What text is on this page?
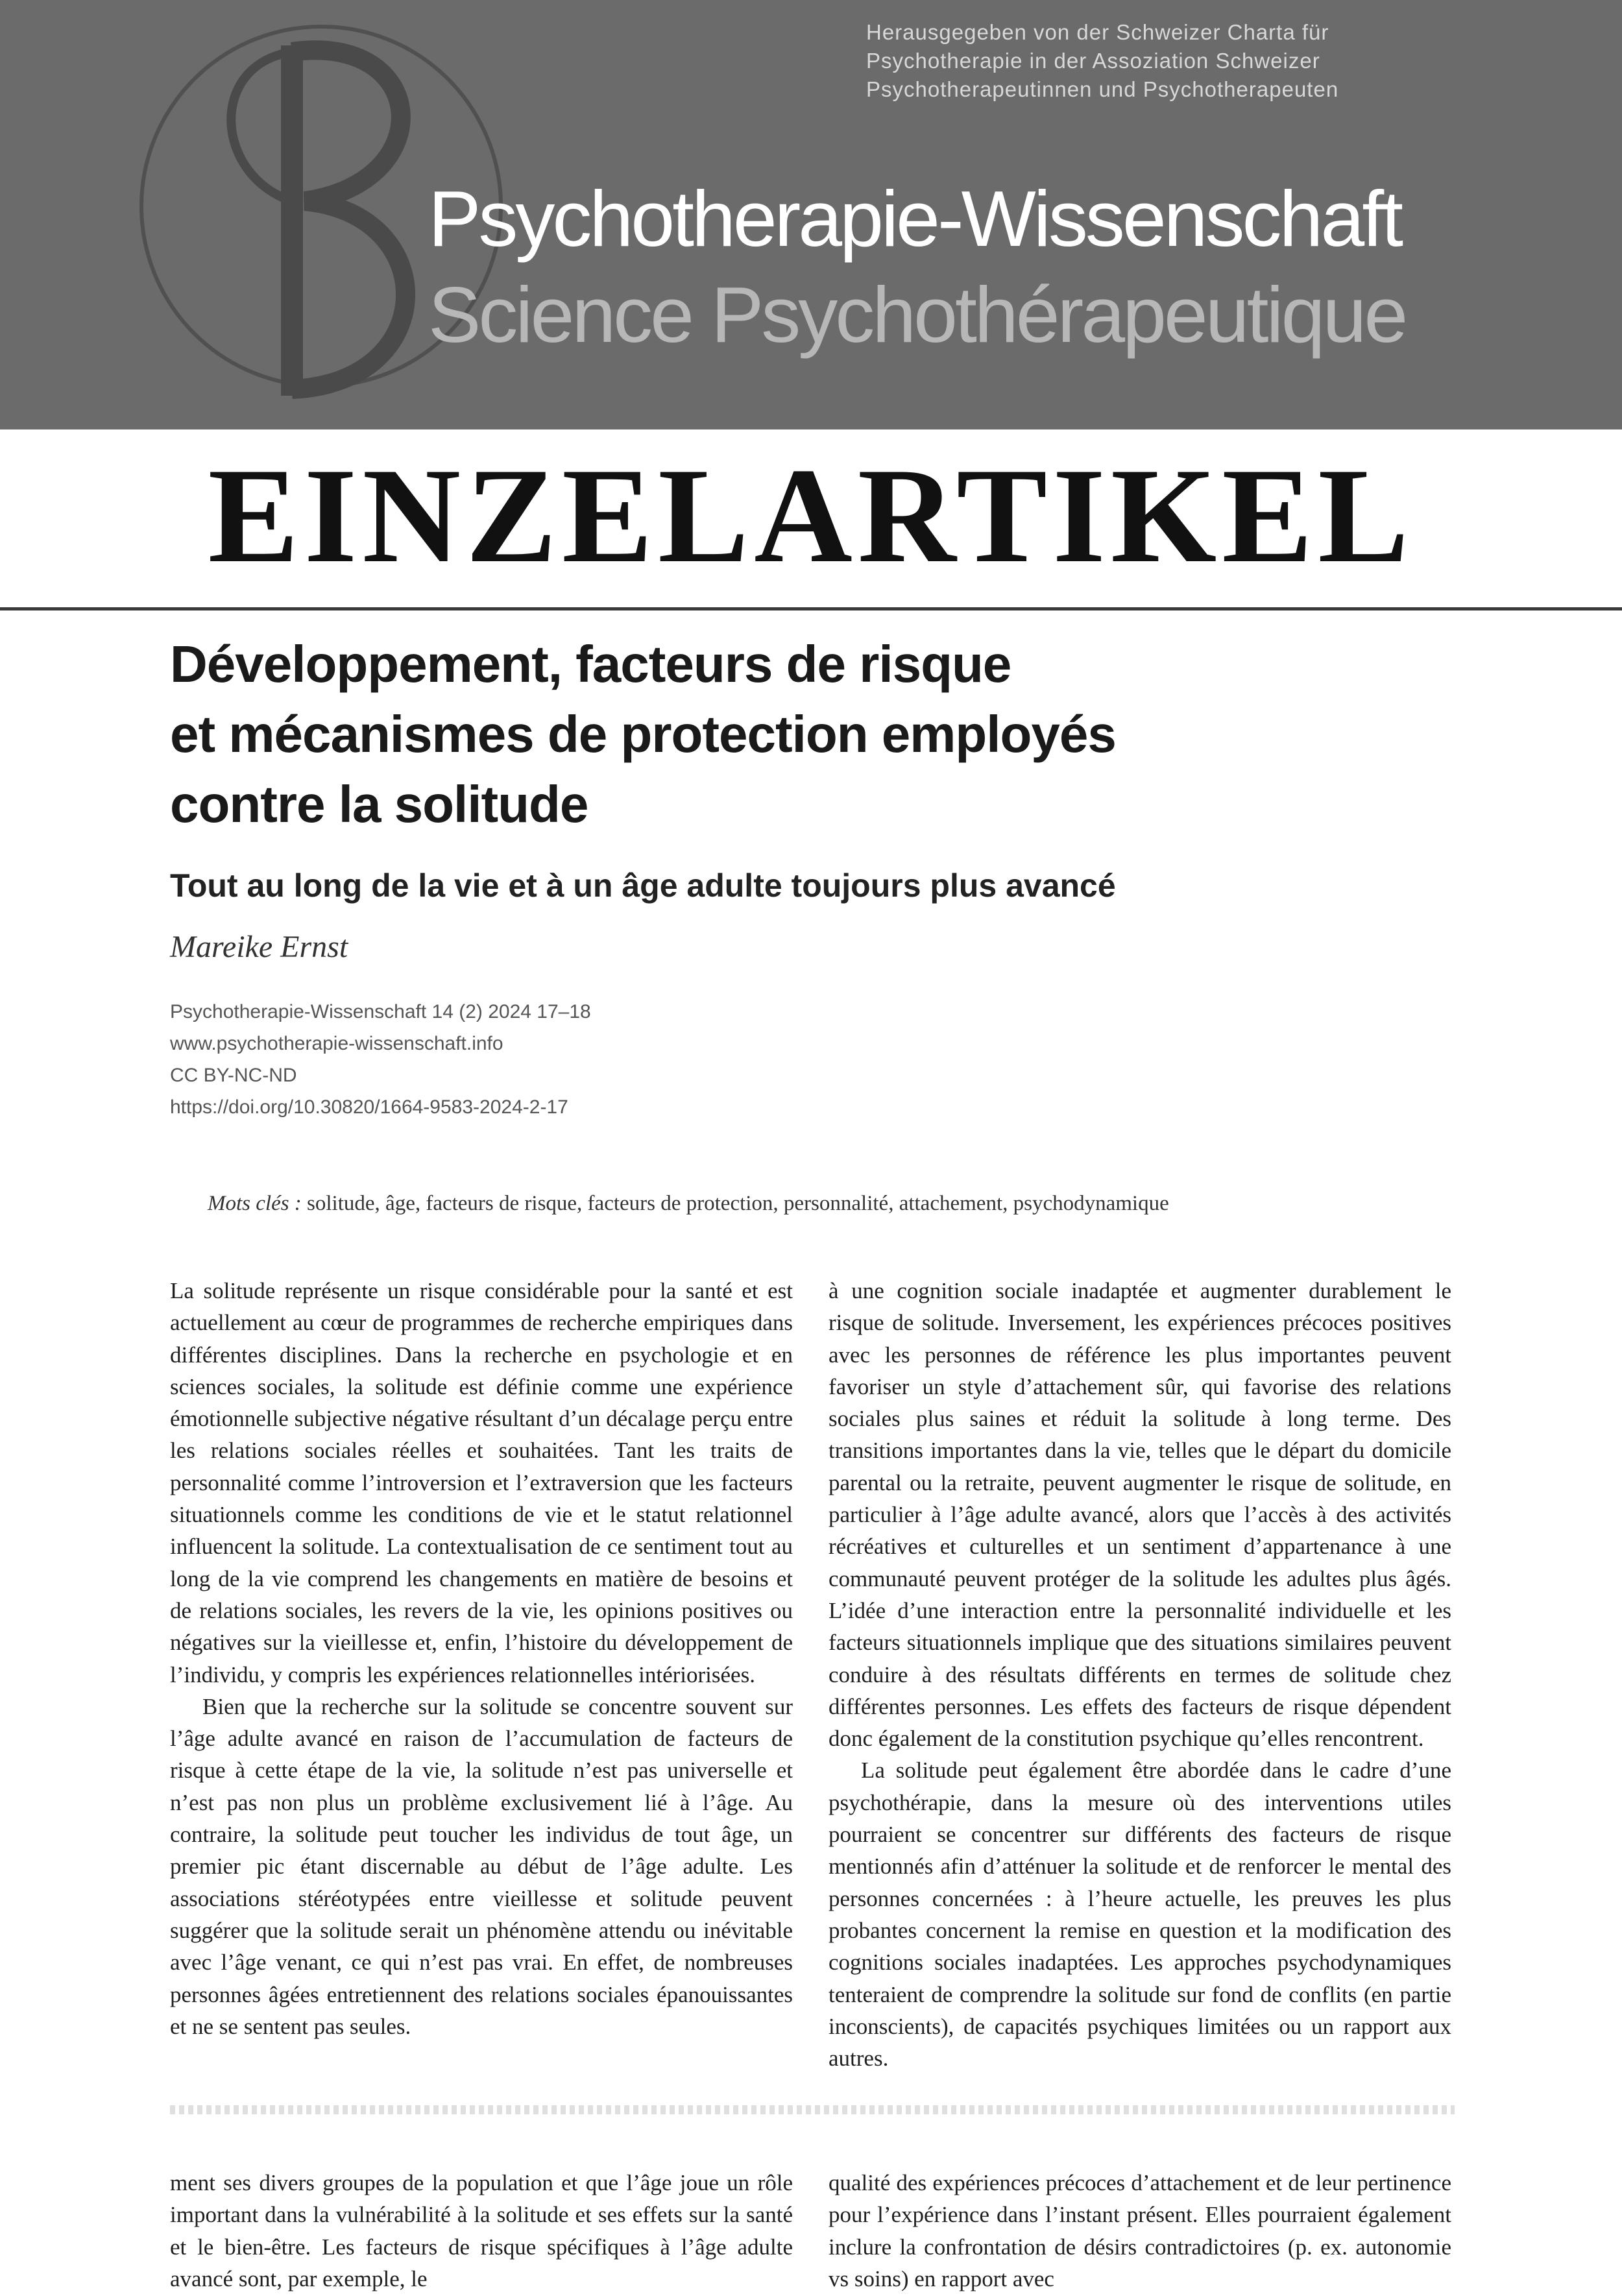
Herausgegeben von der Schweizer Charta für
Psychotherapie in der Assoziation Schweizer
Psychotherapeutinnen und Psychotherapeuten
Psychotherapie-Wissenschaft
Science Psychothérapeutique
EINZELARTIKEL
Développement, facteurs de risque
et mécanismes de protection employés
contre la solitude
Tout au long de la vie et à un âge adulte toujours plus avancé
Mareike Ernst
Psychotherapie-Wissenschaft 14 (2) 2024 17–18
www.psychotherapie-wissenschaft.info
CC BY-NC-ND
https://doi.org/10.30820/1664-9583-2024-2-17
Mots clés : solitude, âge, facteurs de risque, facteurs de protection, personnalité, attachement, psychodynamique

La solitude représente un risque considérable pour la santé et est actuellement au cœur de programmes de recherche empiriques dans différentes disciplines. Dans la recherche en psychologie et en sciences sociales, la solitude est définie comme une expérience émotionnelle subjective négative résultant d’un décalage perçu entre les relations sociales réelles et souhaitées. Tant les traits de personnalité comme l’introversion et l’extraversion que les facteurs situationnels comme les conditions de vie et le statut relationnel influencent la solitude. La contextualisation de ce sentiment tout au long de la vie comprend les changements en matière de besoins et de relations sociales, les revers de la vie, les opinions positives ou négatives sur la vieillesse et, enfin, l’histoire du développement de l’individu, y compris les expériences relationnelles intériorisées.

Bien que la recherche sur la solitude se concentre souvent sur l’âge adulte avancé en raison de l’accumulation de facteurs de risque à cette étape de la vie, la solitude n’est pas universelle et n’est pas non plus un problème exclusivement lié à l’âge. Au contraire, la solitude peut toucher les individus de tout âge, un premier pic étant discernable au début de l’âge adulte. Les associations stéréotypées entre vieillesse et solitude peuvent suggérer que la solitude serait un phénomène attendu ou inévitable avec l’âge venant, ce qui n’est pas vrai. En effet, de nombreuses personnes âgées entretiennent des relations sociales épanouissantes et ne se sentent pas seules.

à une cognition sociale inadaptée et augmenter durablement le risque de solitude. Inversement, les expériences précoces positives avec les personnes de référence les plus importantes peuvent favoriser un style d’attachement sûr, qui favorise des relations sociales plus saines et réduit la solitude à long terme. Des transitions importantes dans la vie, telles que le départ du domicile parental ou la retraite, peuvent augmenter le risque de solitude, en particulier à l’âge adulte avancé, alors que l’accès à des activités récréatives et culturelles et un sentiment d’appartenance à une communauté peuvent protéger de la solitude les adultes plus âgés. L’idée d’une interaction entre la personnalité individuelle et les facteurs situationnels implique que des situations similaires peuvent conduire à des résultats différents en termes de solitude chez différentes personnes. Les effets des facteurs de risque dépendent donc également de la constitution psychique qu’elles rencontrent.

La solitude peut également être abordée dans le cadre d’une psychothérapie, dans la mesure où des interventions utiles pourraient se concentrer sur différents des facteurs de risque mentionnés afin d’atténuer la solitude et de renforcer le mental des personnes concernées : à l’heure actuelle, les preuves les plus probantes concernent la remise en question et la modification des cognitions sociales inadaptées. Les approches psychodynamiques tenteraient de comprendre la solitude sur fond de conflits (en partie inconscients), de capacités psychiques limitées ou un rapport aux autres.

ment ses divers groupes de la population et que l’âge joue un rôle important dans la vulnérabilité à la solitude et ses effets sur la santé et le bien-être. Les facteurs de risque spécifiques à l’âge adulte avancé sont, par exemple, le

qualité des expériences précoces d’attachement et de leur pertinence pour l’expérience dans l’instant présent. Elles pourraient également inclure la confrontation de désirs contradictoires (p. ex. autonomie vs soins) en rapport avec
